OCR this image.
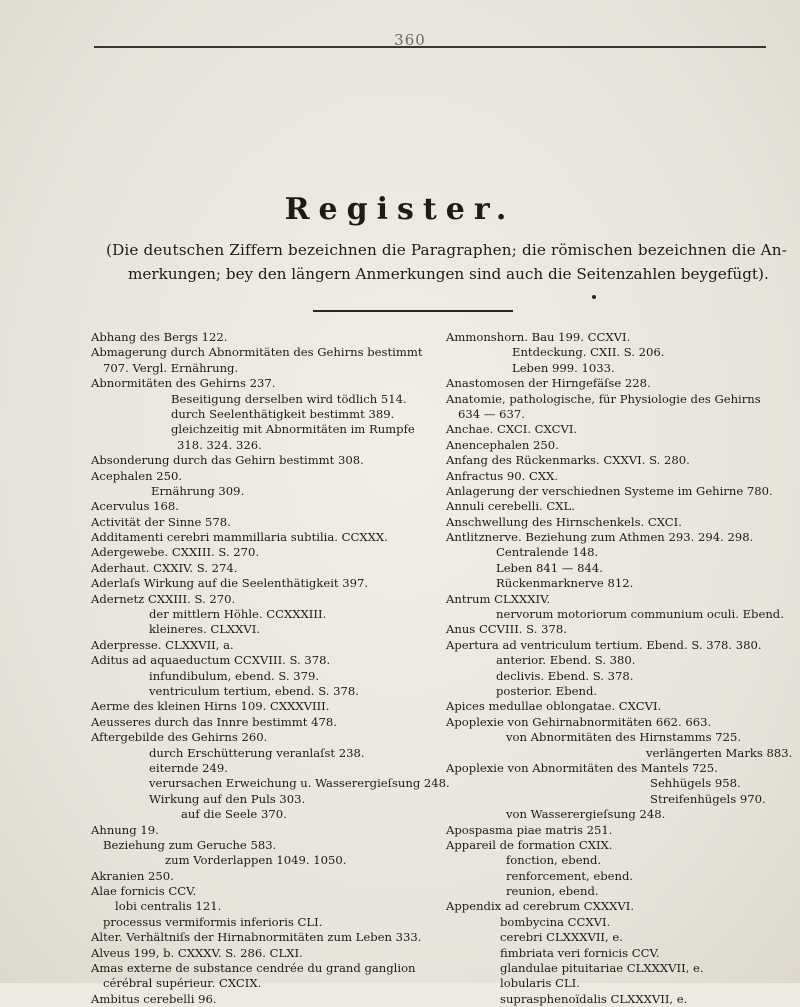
360
Register.
(Die deutschen Ziffern bezeichnen die Paragraphen; die römischen bezeichnen die An-
merkungen; bey den längern Anmerkungen sind auch die Seitenzahlen beygefügt).
Abhang des Bergs 122.
Abmagerung durch Abnormitäten des Gehirns bestimmt
707. Vergl. Ernährung.
Abnormitäten des Gehirns 237.
Beseitigung derselben wird tödlich 514.
durch Seelenthätigkeit bestimmt 389.
gleichzeitig mit Abnormitäten im Rumpfe
318. 324. 326.
Absonderung durch das Gehirn bestimmt 308.
Acephalen 250.
Ernährung 309.
Acervulus 168.
Activität der Sinne 578.
Additamenti cerebri mammillaria subtilia. CCXXX.
Adergewebe. CXXIII. S. 270.
Aderhaut. CXXIV. S. 274.
Aderlaſs Wirkung auf die Seelenthätigkeit 397.
Adernetz CXXIII. S. 270.
der mittlern Höhle. CCXXXIII.
kleineres. CLXXVI.
Aderpresse. CLXXVII, a.
Aditus ad aquaeductum CCXVIII. S. 378.
infundibulum, ebend. S. 379.
ventriculum tertium, ebend. S. 378.
Aerme des kleinen Hirns 109. CXXXVIII.
Aeusseres durch das Innre bestimmt 478.
Aftergebilde des Gehirns 260.
durch Erschütterung veranlaſst 238.
eiternde 249.
verursachen Erweichung u. Wasserergieſsung 248.
Wirkung auf den Puls 303.
auf die Seele 370.
Ahnung 19.
Beziehung zum Geruche 583.
zum Vorderlappen 1049. 1050.
Akranien 250.
Alae fornicis CCV.
lobi centralis 121.
processus vermiformis inferioris CLI.
Alter. Verhältniſs der Hirnabnormitäten zum Leben 333.
Alveus 199, b. CXXXV. S. 286. CLXI.
Amas externe de substance cendrée du grand ganglion
cérébral supérieur. CXCIX.
Ambitus cerebelli 96.
Ammonshorn. Bau 199. CCXVI.
Entdeckung. CXII. S. 206.
Leben 999. 1033.
Anastomosen der Hirngefäſse 228.
Anatomie, pathologische, für Physiologie des Gehirns
634 — 637.
Anchae. CXCI. CXCVI.
Anencephalen 250.
Anfang des Rückenmarks. CXXVI. S. 280.
Anfractus 90. CXX.
Anlagerung der verschiednen Systeme im Gehirne 780.
Annuli cerebelli. CXL.
Anschwellung des Hirnschenkels. CXCI.
Antlitznerve. Beziehung zum Athmen 293. 294. 298.
Centralende 148.
Leben 841 — 844.
Rückenmarknerve 812.
Antrum CLXXXIV.
nervorum motoriorum communium oculi. Ebend.
Anus CCVIII. S. 378.
Apertura ad ventriculum tertium. Ebend. S. 378. 380.
anterior. Ebend. S. 380.
declivis. Ebend. S. 378.
posterior. Ebend.
Apices medullae oblongatae. CXCVI.
Apoplexie von Gehirnabnormitäten 662. 663.
von Abnormitäten des Hirnstamms 725.
verlängerten Marks 883.
Apoplexie von Abnormitäten des Mantels 725.
Sehhügels 958.
Streifenhügels 970.
von Wasserergieſsung 248.
Apospasma piae matris 251.
Appareil de formation CXIX.
fonction, ebend.
renforcement, ebend.
reunion, ebend.
Appendix ad cerebrum CXXXVI.
bombycina CCXVI.
cerebri CLXXXVII, e.
fimbriata veri fornicis CCV.
glandulae pituitariae CLXXXVII, e.
lobularis CLI.
suprasphenoïdalis CLXXXVII, e.
